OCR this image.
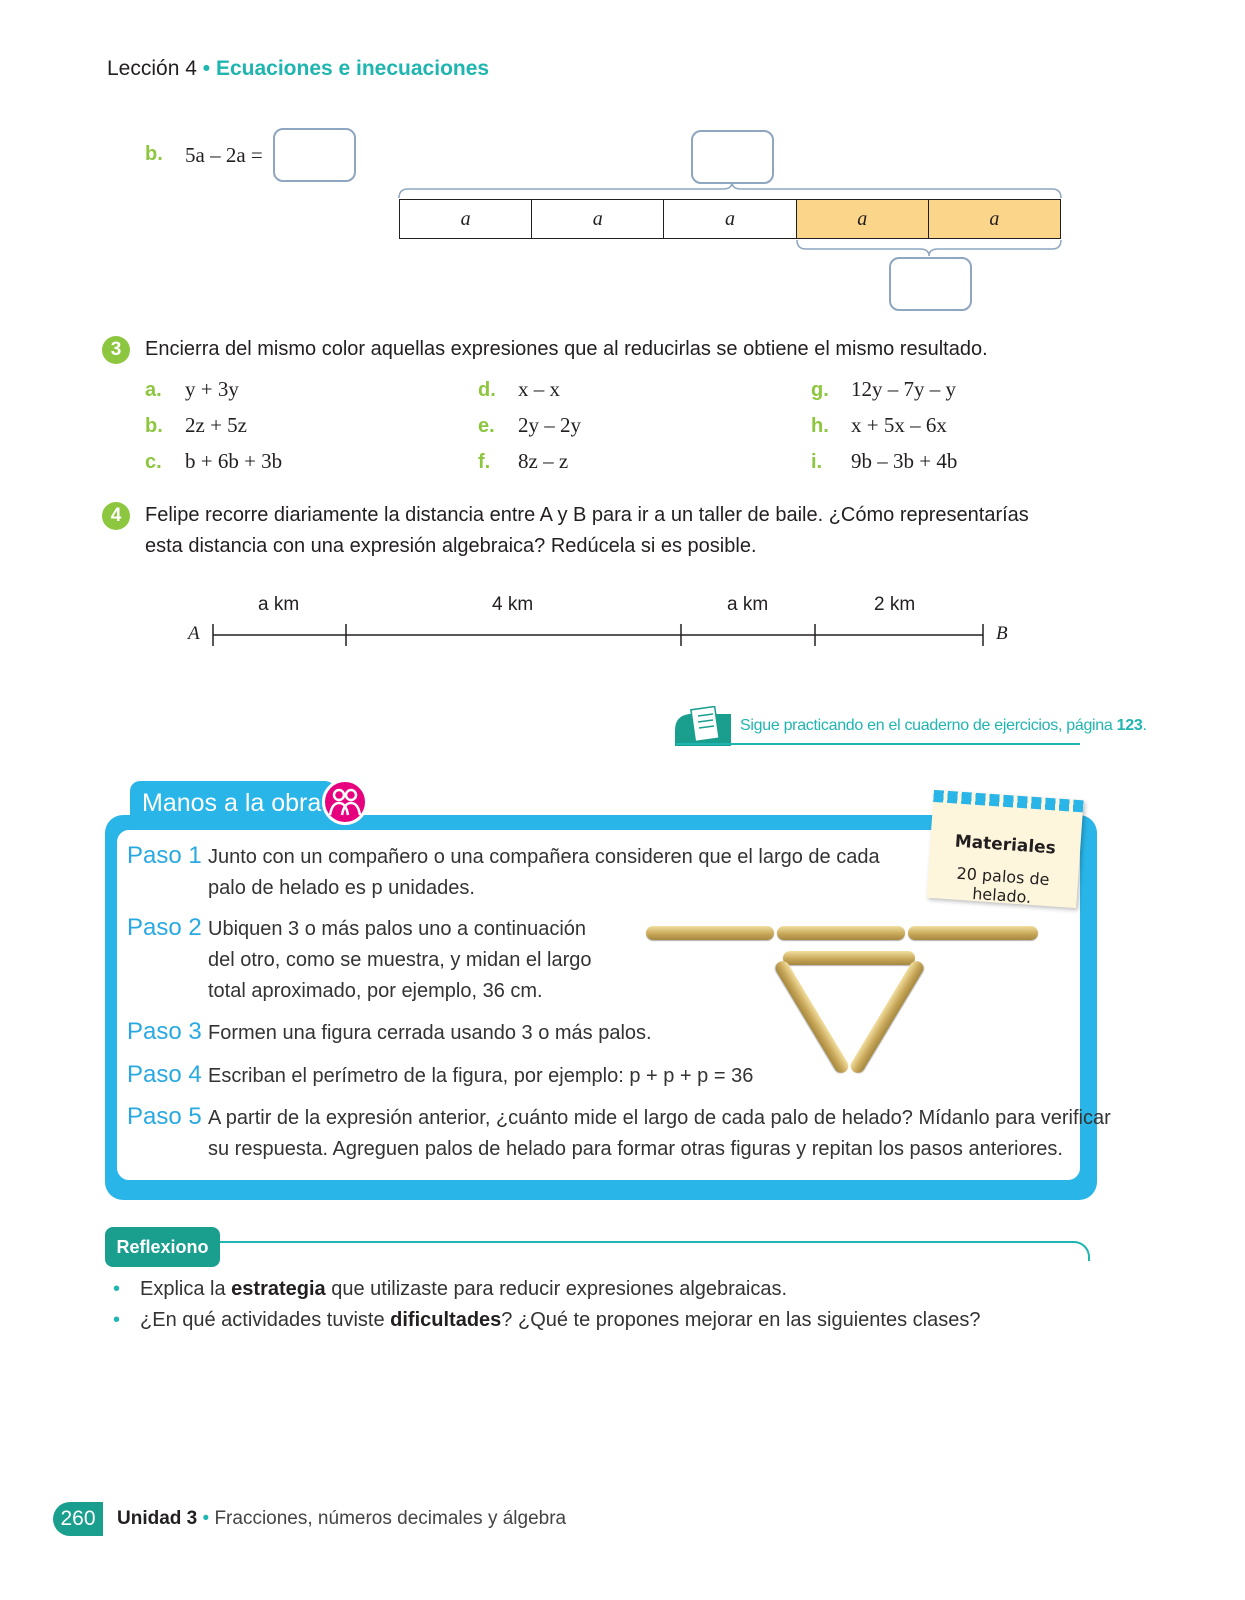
Lección 4 • Ecuaciones e inecuaciones
b. 5a – 2a =
a	a	a	a	a
3	Encierra del mismo color aquellas expresiones que al reducirlas se obtiene el mismo resultado.
a. y + 3y
b. 2z + 5z
c. b + 6b + 3b
d. x – x
e. 2y – 2y
f. 8z – z
g. 12y – 7y – y
h. x + 5x – 6x
i. 9b – 3b + 4b
4	Felipe recorre diariamente la distancia entre A y B para ir a un taller de baile. ¿Cómo representarías
esta distancia con una expresión algebraica? Redúcela si es posible.
a km	4 km	a km	2 km
A	B
Sigue practicando en el cuaderno de ejercicios, página 123.
Manos a la obra
Materiales
20 palos de helado.
Paso 1 Junto con un compañero o una compañera consideren que el largo de cada
palo de helado es p unidades.
Paso 2 Ubiquen 3 o más palos uno a continuación
del otro, como se muestra, y midan el largo
total aproximado, por ejemplo, 36 cm.
Paso 3 Formen una figura cerrada usando 3 o más palos.
Paso 4 Escriban el perímetro de la figura, por ejemplo: p + p + p = 36
Paso 5 A partir de la expresión anterior, ¿cuánto mide el largo de cada palo de helado? Mídanlo para verificar
su respuesta. Agreguen palos de helado para formar otras figuras y repitan los pasos anteriores.
Reflexiono
• Explica la estrategia que utilizaste para reducir expresiones algebraicas.
• ¿En qué actividades tuviste dificultades? ¿Qué te propones mejorar en las siguientes clases?
260	Unidad 3 • Fracciones, números decimales y álgebra
